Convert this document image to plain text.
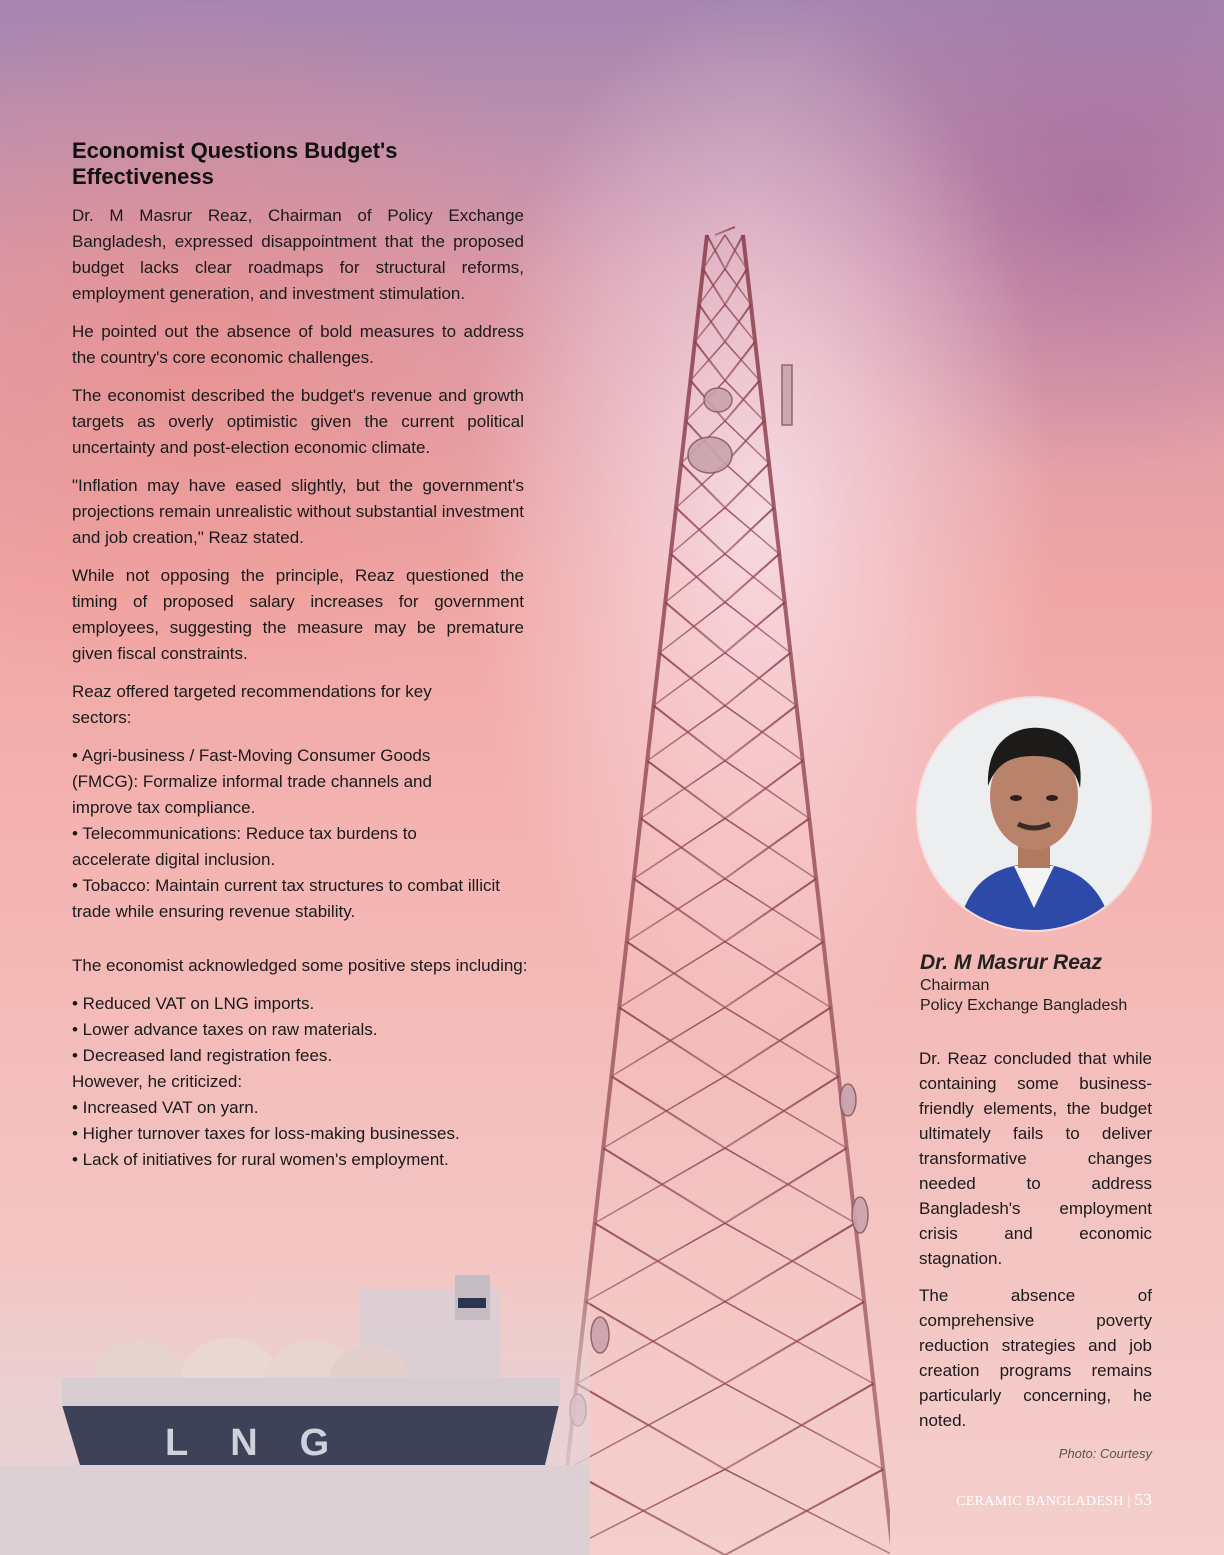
LNG
Economist Questions Budget's Effectiveness

Dr. M Masrur Reaz, Chairman of Policy Exchange Bangladesh, expressed disappointment that the proposed budget lacks clear roadmaps for structural reforms, employment generation, and investment stimulation.

He pointed out the absence of bold measures to address the country's core economic challenges.

The economist described the budget's revenue and growth targets as overly optimistic given the current political uncertainty and post-election economic climate.

"Inflation may have eased slightly, but the government's projections remain unrealistic without substantial investment and job creation," Reaz stated.

While not opposing the principle, Reaz questioned the timing of proposed salary increases for government employees, suggesting the measure may be premature given fiscal constraints.

Reaz offered targeted recommendations for key sectors:

• Agri-business / Fast-Moving Consumer Goods (FMCG): Formalize informal trade channels and improve tax compliance.
• Telecommunications: Reduce tax burdens to accelerate digital inclusion.
• Tobacco: Maintain current tax structures to combat illicit trade while ensuring revenue stability.

The economist acknowledged some positive steps including:

• Reduced VAT on LNG imports.
• Lower advance taxes on raw materials.
• Decreased land registration fees.
However, he criticized:
• Increased VAT on yarn.
• Higher turnover taxes for loss-making businesses.
• Lack of initiatives for rural women's employment.
Dr. M Masrur Reaz
Chairman
Policy Exchange Bangladesh

Dr. Reaz concluded that while containing some business-friendly elements, the budget ultimately fails to deliver transformative changes needed to address Bangladesh's employment crisis and economic stagnation.

The absence of comprehensive poverty reduction strategies and job creation programs remains particularly concerning, he noted.

Photo: Courtesy
CERAMIC BANGLADESH | 53
